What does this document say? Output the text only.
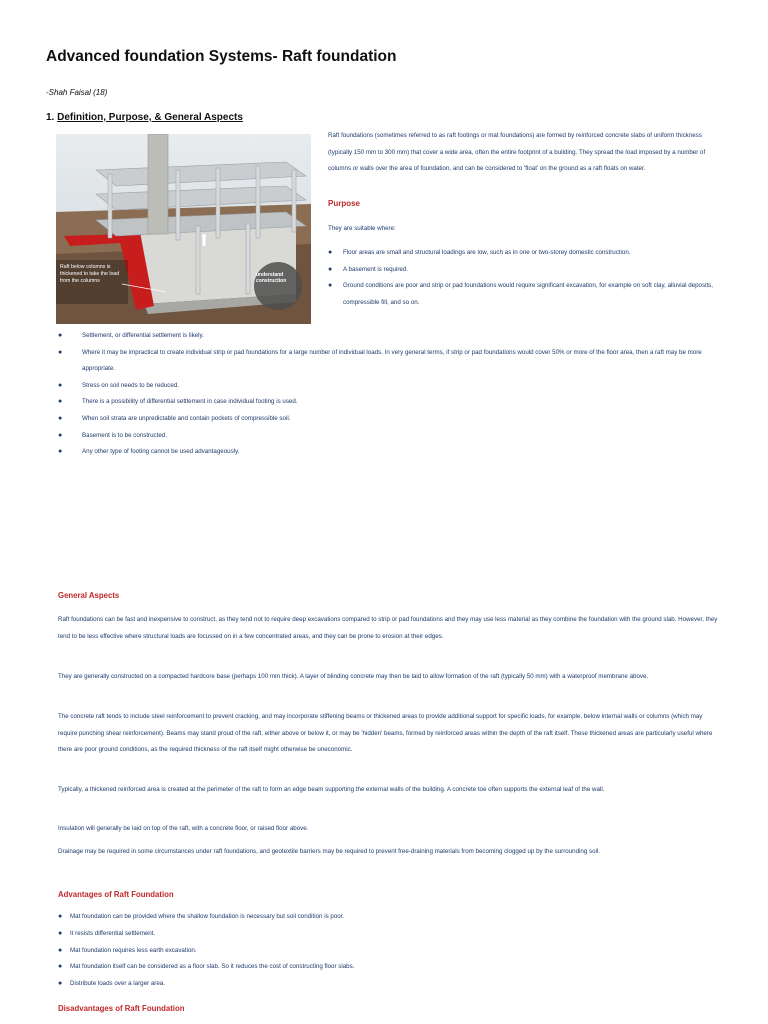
Advanced foundation Systems- Raft foundation
-Shah Faisal (18)
1. Definition, Purpose, & General Aspects
Raft below columns is thickened to take the load from the columns
understand
construction
Raft foundations (sometimes referred to as raft footings or mat foundations) are formed by reinforced concrete slabs of uniform thickness (typically 150 mm to 300 mm) that cover a wide area, often the entire footprint of a building. They spread the load imposed by a number of columns or walls over the area of foundation, and can be considered to 'float' on the ground as a raft floats on water.
Purpose
They are suitable where:
● Floor areas are small and structural loadings are low, such as in one or two-storey domestic construction.
● A basement is required.
● Ground conditions are poor and strip or pad foundations would require significant excavation, for example on soft clay, alluvial deposits, compressible fill, and so on.
●	Settlement, or differential settlement is likely.
●	Where it may be impractical to create individual strip or pad foundations for a large number of individual loads. In very general terms, if strip or pad foundations would cover 50% or more of the floor area, then a raft may be more appropriate.
●	Stress on soil needs to be reduced.
●	There is a possibility of differential settlement in case individual footing is used.
●	When soil strata are unpredictable and contain pockets of compressible soil.
●	Basement is to be constructed.
●	Any other type of footing cannot be used advantageously.
General Aspects

Raft foundations can be fast and inexpensive to construct, as they tend not to require deep excavations compared to strip or pad foundations and they may use less material as they combine the foundation with the ground slab. However, they tend to be less effective where structural loads are focussed on in a few concentrated areas, and they can be prone to erosion at their edges.

They are generally constructed on a compacted hardcore base (perhaps 100 mm thick). A layer of blinding concrete may then be laid to allow formation of the raft (typically 50 mm) with a waterproof membrane above.

The concrete raft tends to include steel reinforcement to prevent cracking, and may incorporate stiffening beams or thickened areas to provide additional support for specific loads, for example, below internal walls or columns (which may require punching shear reinforcement). Beams may stand proud of the raft, either above or below it, or may be 'hidden' beams, formed by reinforced areas within the depth of the raft itself. These thickened areas are particularly useful where there are poor ground conditions, as the required thickness of the raft itself might otherwise be uneconomic.

Typically, a thickened reinforced area is created at the perimeter of the raft to form an edge beam supporting the external walls of the building. A concrete toe often supports the external leaf of the wall.

Insulation will generally be laid on top of the raft, with a concrete floor, or raised floor above.

Drainage may be required in some circumstances under raft foundations, and geotextile barriers may be required to prevent free-draining materials from becoming clogged up by the surrounding soil.

Advantages of Raft Foundation
● Mat foundation can be provided where the shallow foundation is necessary but soil condition is poor.
● It resists differential settlement.
● Mat foundation requires less earth excavation.
● Mat foundation itself can be considered as a floor slab. So it reduces the cost of constructing floor slabs.
● Distribute loads over a larger area.
Disadvantages of Raft Foundation
